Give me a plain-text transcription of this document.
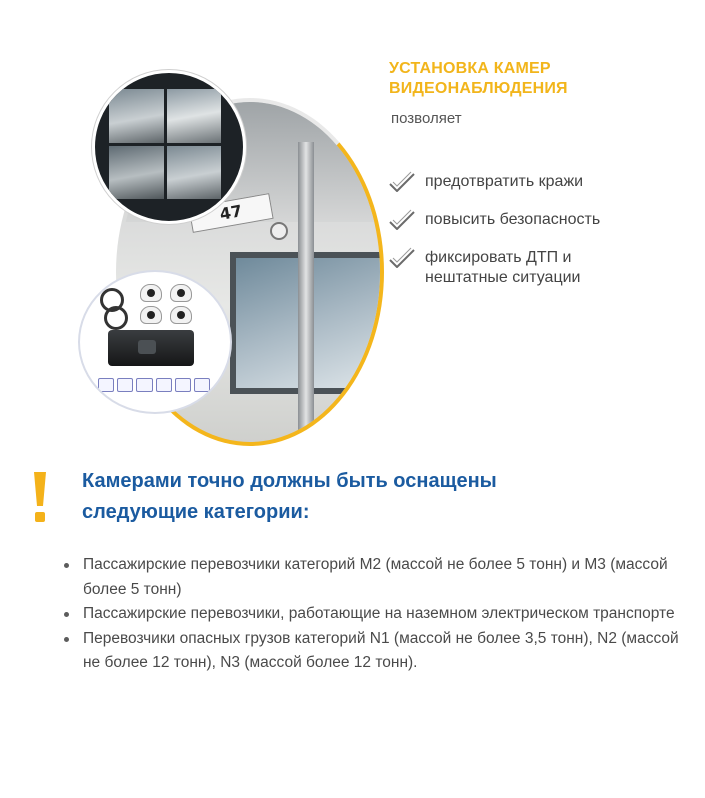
47
УСТАНОВКА КАМЕР ВИДЕОНАБЛЮДЕНИЯ
позволяет
предотвратить кражи
повысить безопасность
фиксировать ДТП и нештатные ситуации
Камерами точно должны быть оснащены следующие категории:
Пассажирские перевозчики категорий М2 (массой не более 5 тонн) и М3 (массой более 5 тонн)
Пассажирские перевозчики, работающие на наземном электрическом транспорте
Перевозчики опасных грузов категорий N1 (массой не более 3,5 тонн), N2 (массой не более 12 тонн), N3 (массой более 12 тонн).
